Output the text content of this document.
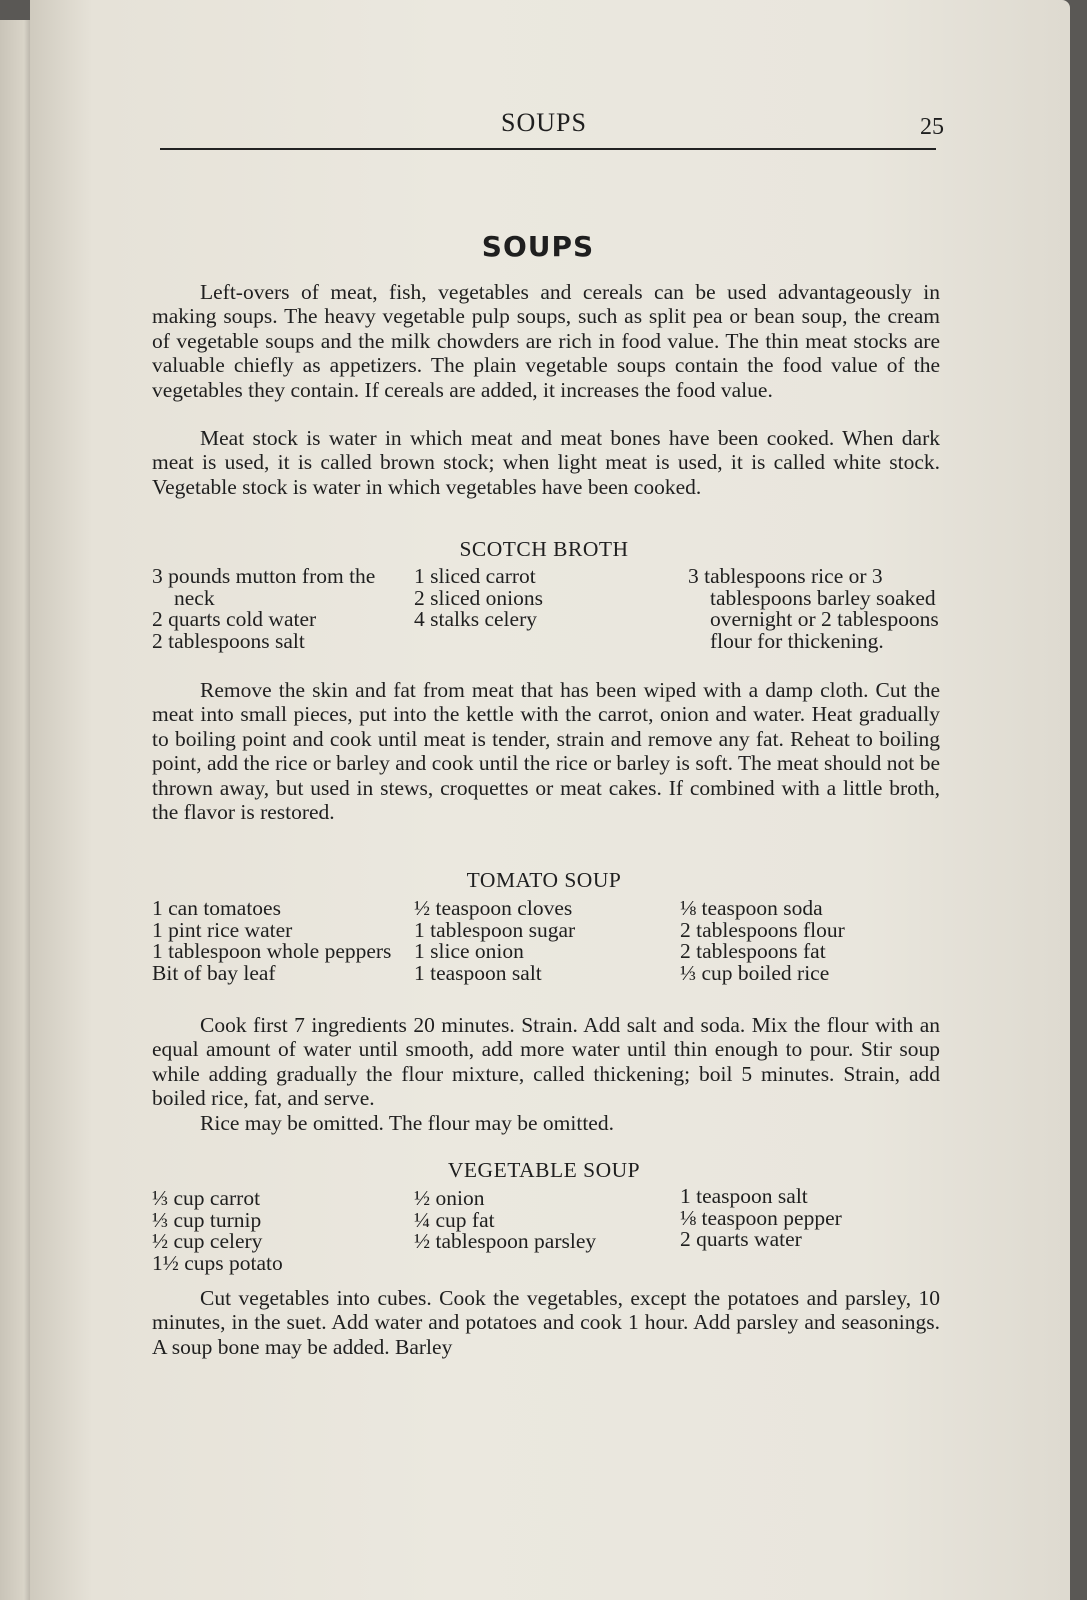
SOUPS	25
SOUPS

Left-overs of meat, fish, vegetables and cereals can be used advantageously in making soups. The heavy vegetable pulp soups, such as split pea or bean soup, the cream of vegetable soups and the milk chowders are rich in food value. The thin meat stocks are valuable chiefly as appetizers. The plain vegetable soups contain the food value of the vegetables they contain. If cereals are added, it increases the food value.

Meat stock is water in which meat and meat bones have been cooked. When dark meat is used, it is called brown stock; when light meat is used, it is called white stock. Vegetable stock is water in which vegetables have been cooked.

SCOTCH BROTH
3 pounds mutton from the neck
2 quarts cold water
2 tablespoons salt
1 sliced carrot
2 sliced onions
4 stalks celery
3 tablespoons rice or 3 tablespoons barley soaked overnight or 2 tablespoons flour for thickening.

Remove the skin and fat from meat that has been wiped with a damp cloth. Cut the meat into small pieces, put into the kettle with the carrot, onion and water. Heat gradually to boiling point and cook until meat is tender, strain and remove any fat. Reheat to boiling point, add the rice or barley and cook until the rice or barley is soft. The meat should not be thrown away, but used in stews, croquettes or meat cakes. If combined with a little broth, the flavor is restored.

TOMATO SOUP
1 can tomatoes
1 pint rice water
1 tablespoon whole peppers
Bit of bay leaf
½ teaspoon cloves
1 tablespoon sugar
1 slice onion
1 teaspoon salt
⅛ teaspoon soda
2 tablespoons flour
2 tablespoons fat
⅓ cup boiled rice

Cook first 7 ingredients 20 minutes. Strain. Add salt and soda. Mix the flour with an equal amount of water until smooth, add more water until thin enough to pour. Stir soup while adding gradually the flour mixture, called thickening; boil 5 minutes. Strain, add boiled rice, fat, and serve.

Rice may be omitted. The flour may be omitted.

VEGETABLE SOUP
⅓ cup carrot
⅓ cup turnip
½ cup celery
1½ cups potato
½ onion
¼ cup fat
½ tablespoon parsley
1 teaspoon salt
⅛ teaspoon pepper
2 quarts water

Cut vegetables into cubes. Cook the vegetables, except the potatoes and parsley, 10 minutes, in the suet. Add water and potatoes and cook 1 hour. Add parsley and seasonings. A soup bone may be added. Barley
